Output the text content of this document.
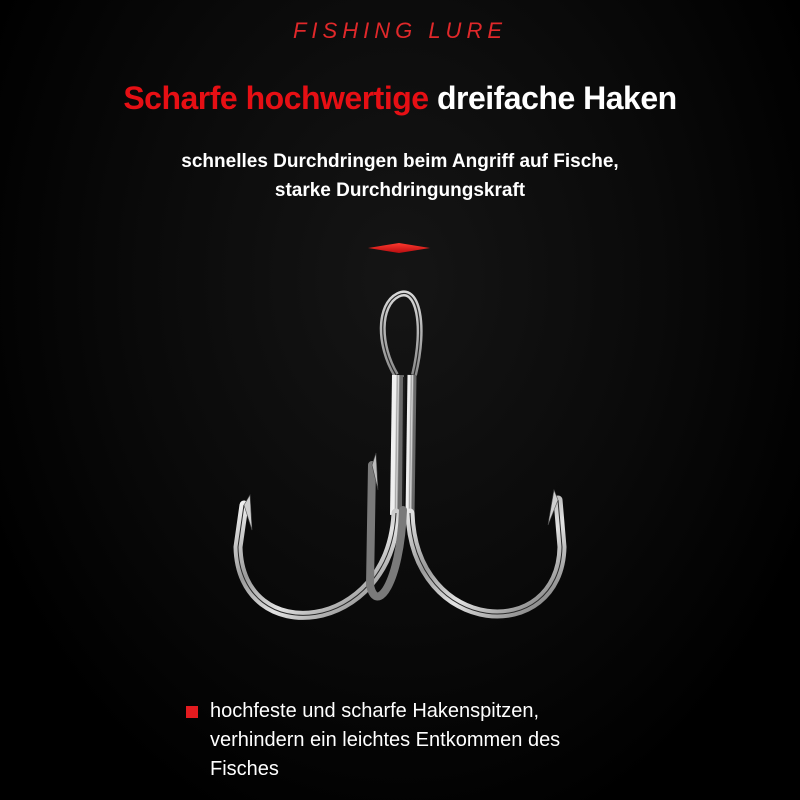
FISHING LURE
Scharfe hochwertige dreifache Haken
schnelles Durchdringen beim Angriff auf Fische,
starke Durchdringungskraft
hochfeste und scharfe Hakenspitzen,
verhindern ein leichtes Entkommen des
Fisches
